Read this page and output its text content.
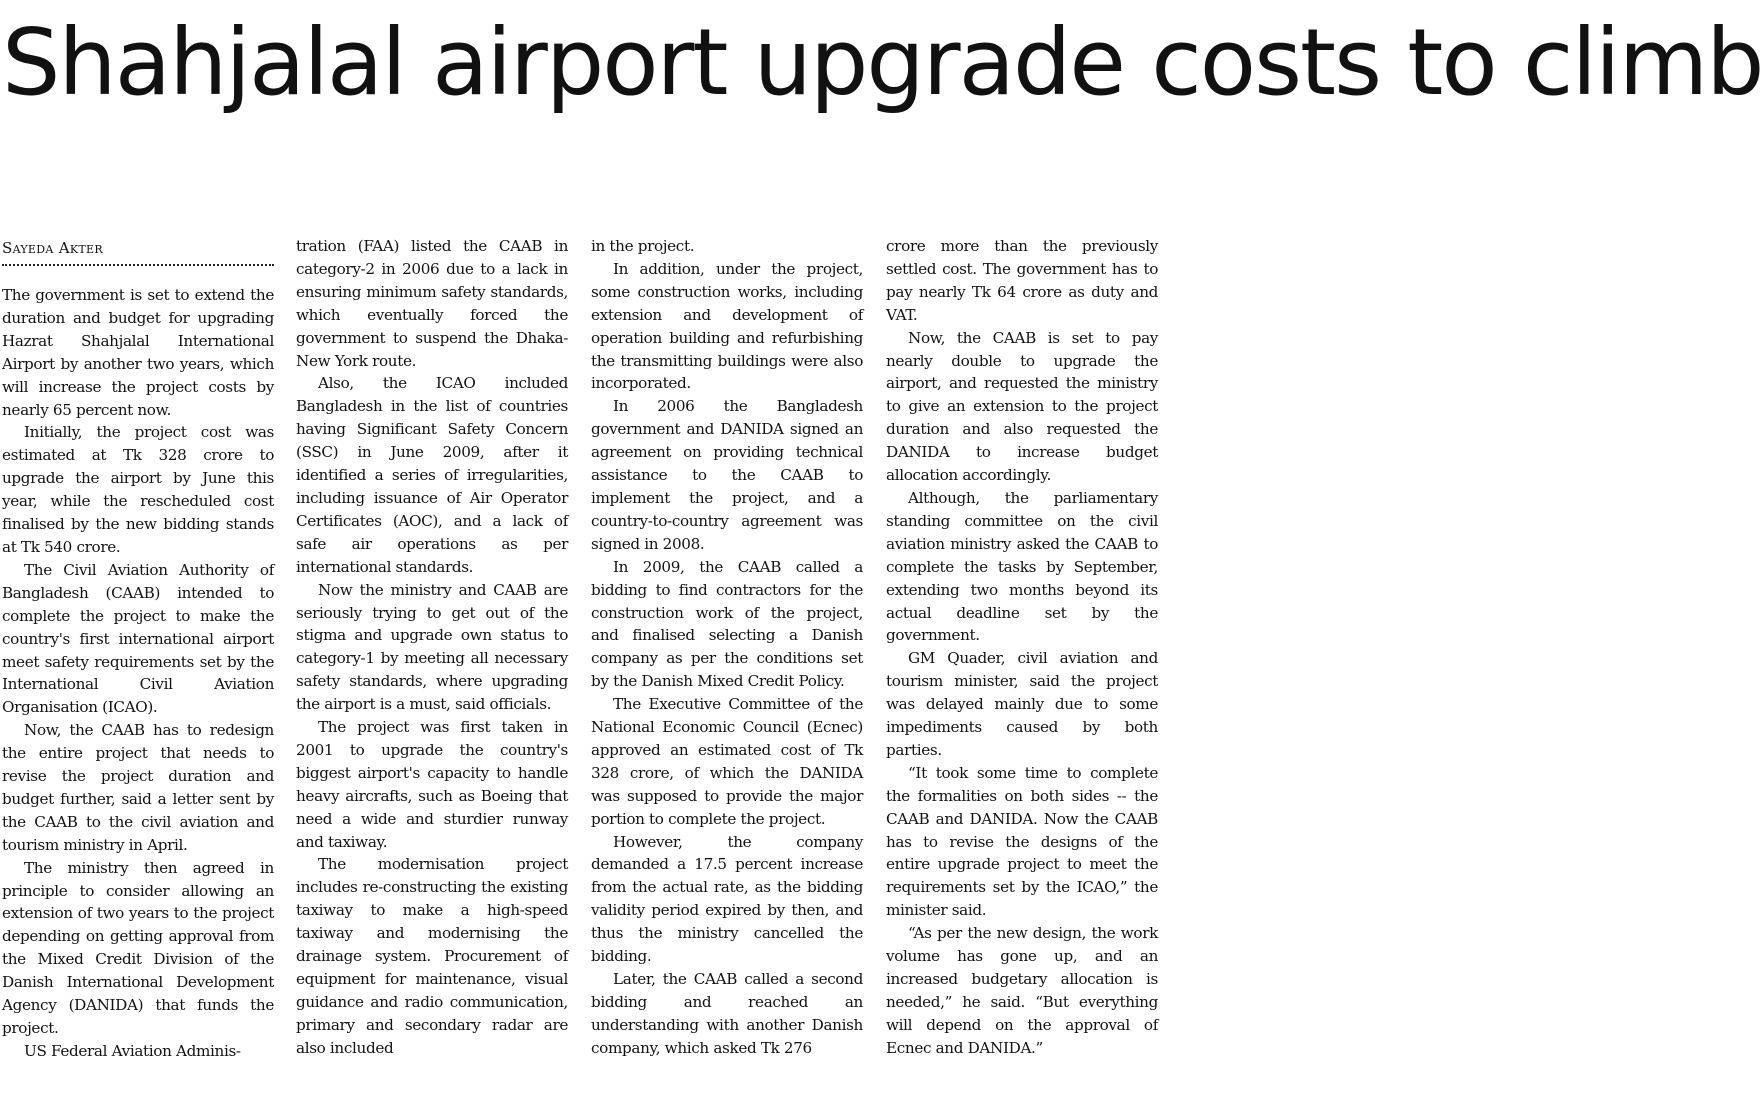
Shahjalal airport upgrade costs to climb
Sayeda Akter

The government is set to extend the duration and budget for upgrading Hazrat Shahjalal International Airport by another two years, which will increase the project costs by nearly 65 percent now.

Initially, the project cost was estimated at Tk 328 crore to upgrade the airport by June this year, while the rescheduled cost finalised by the new bidding stands at Tk 540 crore.

The Civil Aviation Authority of Bangladesh (CAAB) intended to complete the project to make the country's first international airport meet safety requirements set by the International Civil Aviation Organisation (ICAO).

Now, the CAAB has to redesign the entire project that needs to revise the project duration and budget further, said a letter sent by the CAAB to the civil aviation and tourism ministry in April.

The ministry then agreed in principle to consider allowing an extension of two years to the project depending on getting approval from the Mixed Credit Division of the Danish International Development Agency (DANIDA) that funds the project.

US Federal Aviation Adminis-

tration (FAA) listed the CAAB in category-2 in 2006 due to a lack in ensuring minimum safety standards, which eventually forced the government to suspend the Dhaka-New York route.

Also, the ICAO included Bangladesh in the list of countries having Significant Safety Concern (SSC) in June 2009, after it identified a series of irregularities, including issuance of Air Operator Certificates (AOC), and a lack of safe air operations as per international standards.

Now the ministry and CAAB are seriously trying to get out of the stigma and upgrade own status to category-1 by meeting all necessary safety standards, where upgrading the airport is a must, said officials.

The project was first taken in 2001 to upgrade the country's biggest airport's capacity to handle heavy aircrafts, such as Boeing that need a wide and sturdier runway and taxiway.

The modernisation project includes re-constructing the existing taxiway to make a high-speed taxiway and modernising the drainage system. Procurement of equipment for maintenance, visual guidance and radio communication, primary and secondary radar are also included

in the project.

In addition, under the project, some construction works, including extension and development of operation building and refurbishing the transmitting buildings were also incorporated.

In 2006 the Bangladesh government and DANIDA signed an agreement on providing technical assistance to the CAAB to implement the project, and a country-to-country agreement was signed in 2008.

In 2009, the CAAB called a bidding to find contractors for the construction work of the project, and finalised selecting a Danish company as per the conditions set by the Danish Mixed Credit Policy.

The Executive Committee of the National Economic Council (Ecnec) approved an estimated cost of Tk 328 crore, of which the DANIDA was supposed to provide the major portion to complete the project.

However, the company demanded a 17.5 percent increase from the actual rate, as the bidding validity period expired by then, and thus the ministry cancelled the bidding.

Later, the CAAB called a second bidding and reached an understanding with another Danish company, which asked Tk 276

crore more than the previously settled cost. The government has to pay nearly Tk 64 crore as duty and VAT.

Now, the CAAB is set to pay nearly double to upgrade the airport, and requested the ministry to give an extension to the project duration and also requested the DANIDA to increase budget allocation accordingly.

Although, the parliamentary standing committee on the civil aviation ministry asked the CAAB to complete the tasks by September, extending two months beyond its actual deadline set by the government.

GM Quader, civil aviation and tourism minister, said the project was delayed mainly due to some impediments caused by both parties.

“It took some time to complete the formalities on both sides -- the CAAB and DANIDA. Now the CAAB has to revise the designs of the entire upgrade project to meet the requirements set by the ICAO,” the minister said.

“As per the new design, the work volume has gone up, and an increased budgetary allocation is needed,” he said. “But everything will depend on the approval of Ecnec and DANIDA.”
